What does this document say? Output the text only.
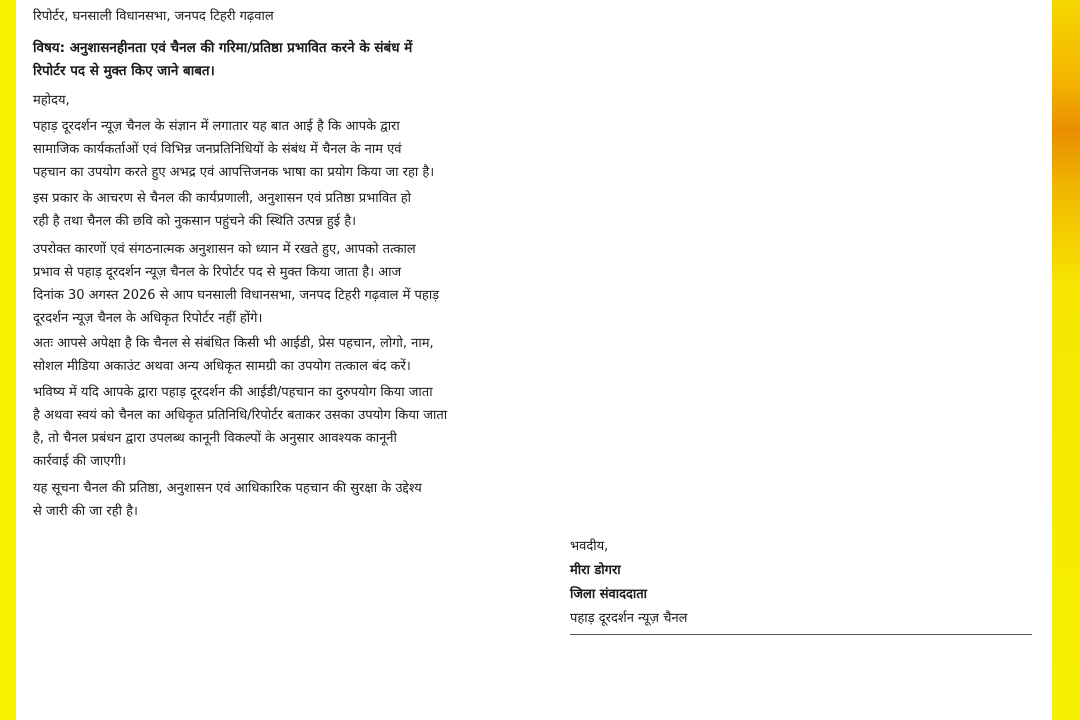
रिपोर्टर, घनसाली विधानसभा, जनपद टिहरी गढ़वाल
विषय: अनुशासनहीनता एवं चैनल की गरिमा/प्रतिष्ठा प्रभावित करने के संबंध में
रिपोर्टर पद से मुक्त किए जाने बाबत।
महोदय,
पहाड़ दूरदर्शन न्यूज़ चैनल के संज्ञान में लगातार यह बात आई है कि आपके द्वारा
सामाजिक कार्यकर्ताओं एवं विभिन्न जनप्रतिनिधियों के संबंध में चैनल के नाम एवं
पहचान का उपयोग करते हुए अभद्र एवं आपत्तिजनक भाषा का प्रयोग किया जा रहा है।
इस प्रकार के आचरण से चैनल की कार्यप्रणाली, अनुशासन एवं प्रतिष्ठा प्रभावित हो
रही है तथा चैनल की छवि को नुकसान पहुंचने की स्थिति उत्पन्न हुई है।
उपरोक्त कारणों एवं संगठनात्मक अनुशासन को ध्यान में रखते हुए, आपको तत्काल
प्रभाव से पहाड़ दूरदर्शन न्यूज़ चैनल के रिपोर्टर पद से मुक्त किया जाता है। आज
दिनांक 30 अगस्त 2026 से आप घनसाली विधानसभा, जनपद टिहरी गढ़वाल में पहाड़
दूरदर्शन न्यूज़ चैनल के अधिकृत रिपोर्टर नहीं होंगे।
अतः आपसे अपेक्षा है कि चैनल से संबंधित किसी भी आईडी, प्रेस पहचान, लोगो, नाम,
सोशल मीडिया अकाउंट अथवा अन्य अधिकृत सामग्री का उपयोग तत्काल बंद करें।
भविष्य में यदि आपके द्वारा पहाड़ दूरदर्शन की आईडी/पहचान का दुरुपयोग किया जाता
है अथवा स्वयं को चैनल का अधिकृत प्रतिनिधि/रिपोर्टर बताकर उसका उपयोग किया जाता
है, तो चैनल प्रबंधन द्वारा उपलब्ध कानूनी विकल्पों के अनुसार आवश्यक कानूनी
कार्रवाई की जाएगी।
यह सूचना चैनल की प्रतिष्ठा, अनुशासन एवं आधिकारिक पहचान की सुरक्षा के उद्देश्य
से जारी की जा रही है।
भवदीय,
मीरा डोगरा
जिला संवाददाता
पहाड़ दूरदर्शन न्यूज़ चैनल
